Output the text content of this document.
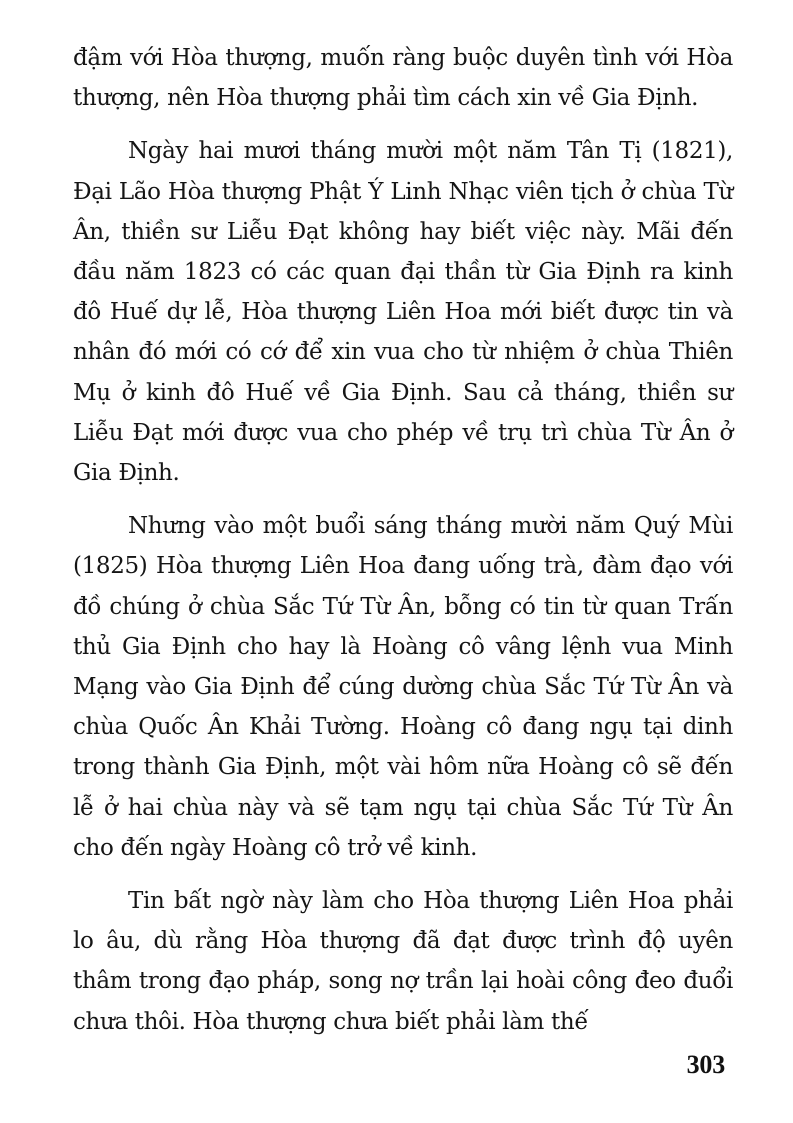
đậm với Hòa thượng, muốn ràng buộc duyên tình với Hòa thượng, nên Hòa thượng phải tìm cách xin về Gia Định.

Ngày hai mươi tháng mười một năm Tân Tị (1821), Đại Lão Hòa thượng Phật Ý Linh Nhạc viên tịch ở chùa Từ Ân, thiền sư Liễu Đạt không hay biết việc này. Mãi đến đầu năm 1823 có các quan đại thần từ Gia Định ra kinh đô Huế dự lễ, Hòa thượng Liên Hoa mới biết được tin và nhân đó mới có cớ để xin vua cho từ nhiệm ở chùa Thiên Mụ ở kinh đô Huế về Gia Định. Sau cả tháng, thiền sư Liễu Đạt mới được vua cho phép về trụ trì chùa Từ Ân ở Gia Định.

Nhưng vào một buổi sáng tháng mười năm Quý Mùi (1825) Hòa thượng Liên Hoa đang uống trà, đàm đạo với đồ chúng ở chùa Sắc Tứ Từ Ân, bỗng có tin từ quan Trấn thủ Gia Định cho hay là Hoàng cô vâng lệnh vua Minh Mạng vào Gia Định để cúng dường chùa Sắc Tứ Từ Ân và chùa Quốc Ân Khải Tường. Hoàng cô đang ngụ tại dinh trong thành Gia Định, một vài hôm nữa Hoàng cô sẽ đến lễ ở hai chùa này và sẽ tạm ngụ tại chùa Sắc Tứ Từ Ân cho đến ngày Hoàng cô trở về kinh.

Tin bất ngờ này làm cho Hòa thượng Liên Hoa phải lo âu, dù rằng Hòa thượng đã đạt được trình độ uyên thâm trong đạo pháp, song nợ trần lại hoài công đeo đuổi chưa thôi. Hòa thượng chưa biết phải làm thế

303
